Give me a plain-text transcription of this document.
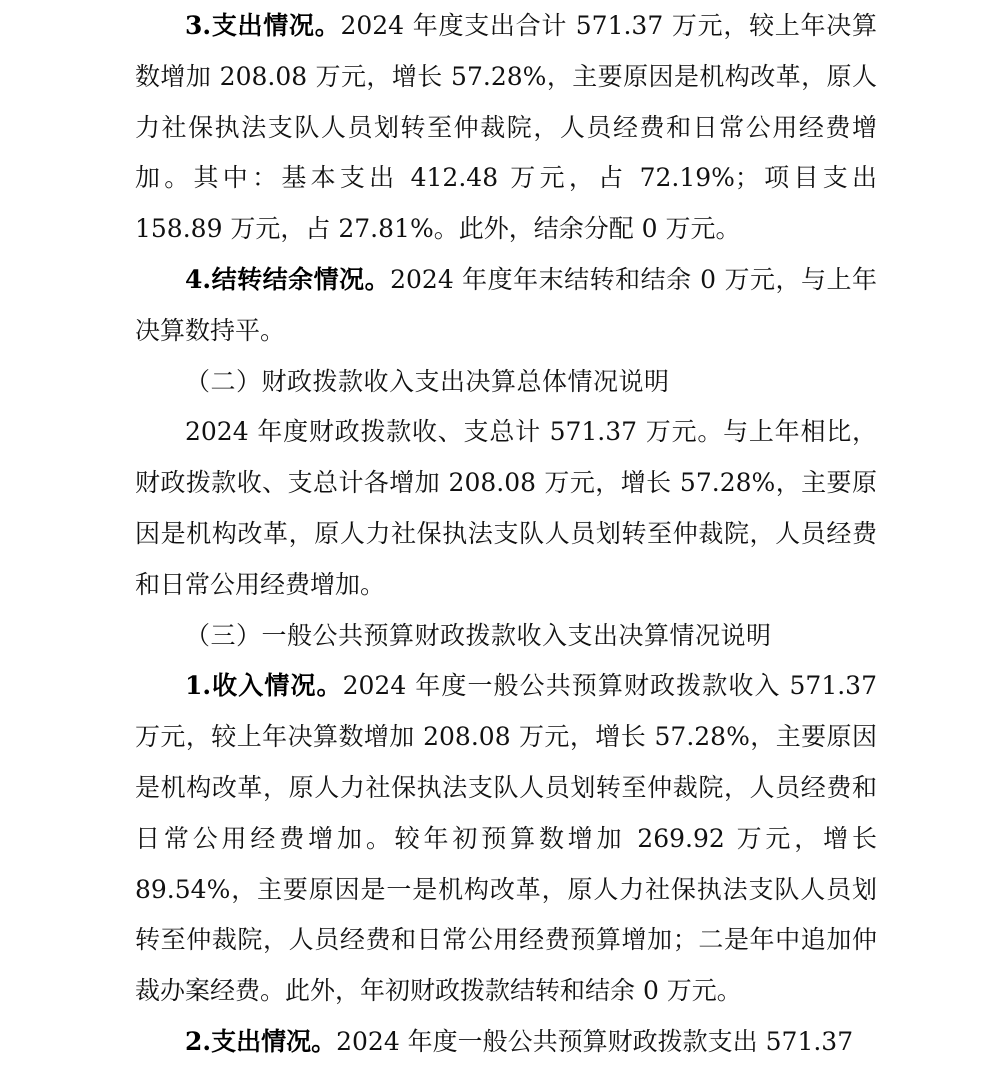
3.支出情况。2024 年度支出合计 571.37 万元，较上年决算数增加 208.08 万元，增长 57.28%，主要原因是机构改革，原人力社保执法支队人员划转至仲裁院，人员经费和日常公用经费增加。其中：基本支出 412.48 万元，占 72.19%；项目支出 158.89 万元，占 27.81%。此外，结余分配 0 万元。

4.结转结余情况。2024 年度年末结转和结余 0 万元，与上年决算数持平。

（二）财政拨款收入支出决算总体情况说明

2024 年度财政拨款收、支总计 571.37 万元。与上年相比，财政拨款收、支总计各增加 208.08 万元，增长 57.28%，主要原因是机构改革，原人力社保执法支队人员划转至仲裁院，人员经费和日常公用经费增加。

（三）一般公共预算财政拨款收入支出决算情况说明

1.收入情况。2024 年度一般公共预算财政拨款收入 571.37 万元，较上年决算数增加 208.08 万元，增长 57.28%，主要原因是机构改革，原人力社保执法支队人员划转至仲裁院，人员经费和日常公用经费增加。较年初预算数增加 269.92 万元，增长 89.54%，主要原因是一是机构改革，原人力社保执法支队人员划转至仲裁院，人员经费和日常公用经费预算增加；二是年中追加仲裁办案经费。此外，年初财政拨款结转和结余 0 万元。

2.支出情况。2024 年度一般公共预算财政拨款支出 571.37
